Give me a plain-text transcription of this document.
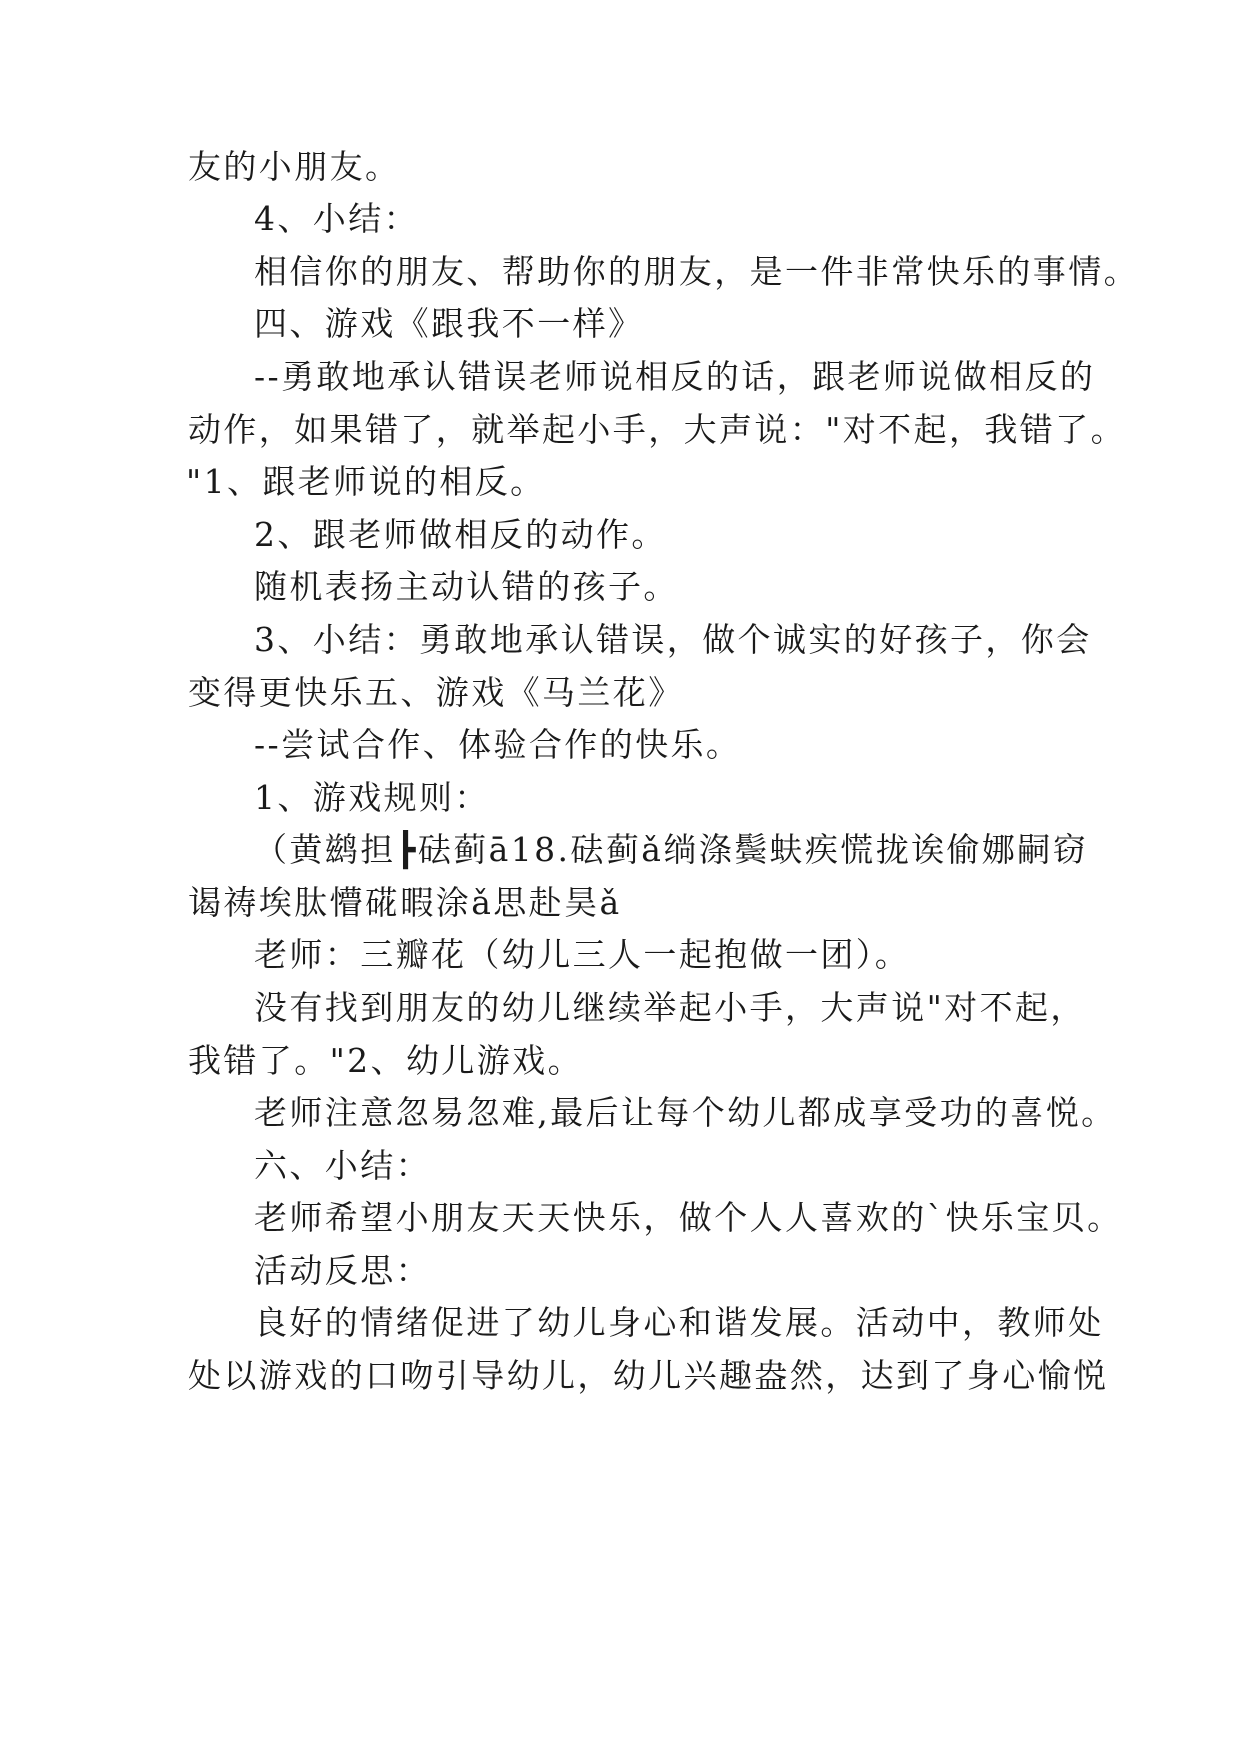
友的小朋友。
4、小结：
相信你的朋友、帮助你的朋友，是一件非常快乐的事情。
四、游戏《跟我不一样》
--勇敢地承认错误老师说相反的话，跟老师说做相反的
动作，如果错了，就举起小手，大声说："对不起，我错了。
"1、跟老师说的相反。
2、跟老师做相反的动作。
随机表扬主动认错的孩子。
3、小结：勇敢地承认错误，做个诚实的好孩子，你会
变得更快乐五、游戏《马兰花》
--尝试合作、体验合作的快乐。
1、游戏规则：
（黄鹚担┣砝蓟ā18.砝蓟ǎ绱涤鬓蚨疾慌拢诶偷娜嗣窃
谒祷埃肽懵硴暇涂ǎ思赴昊ǎ
老师：三瓣花（幼儿三人一起抱做一团）。
没有找到朋友的幼儿继续举起小手，大声说"对不起，
我错了。"2、幼儿游戏。
老师注意忽易忽难,最后让每个幼儿都成享受功的喜悦。
六、小结：
老师希望小朋友天天快乐，做个人人喜欢的`快乐宝贝。
活动反思：
良好的情绪促进了幼儿身心和谐发展。活动中，教师处
处以游戏的口吻引导幼儿，幼儿兴趣盎然，达到了身心愉悦
